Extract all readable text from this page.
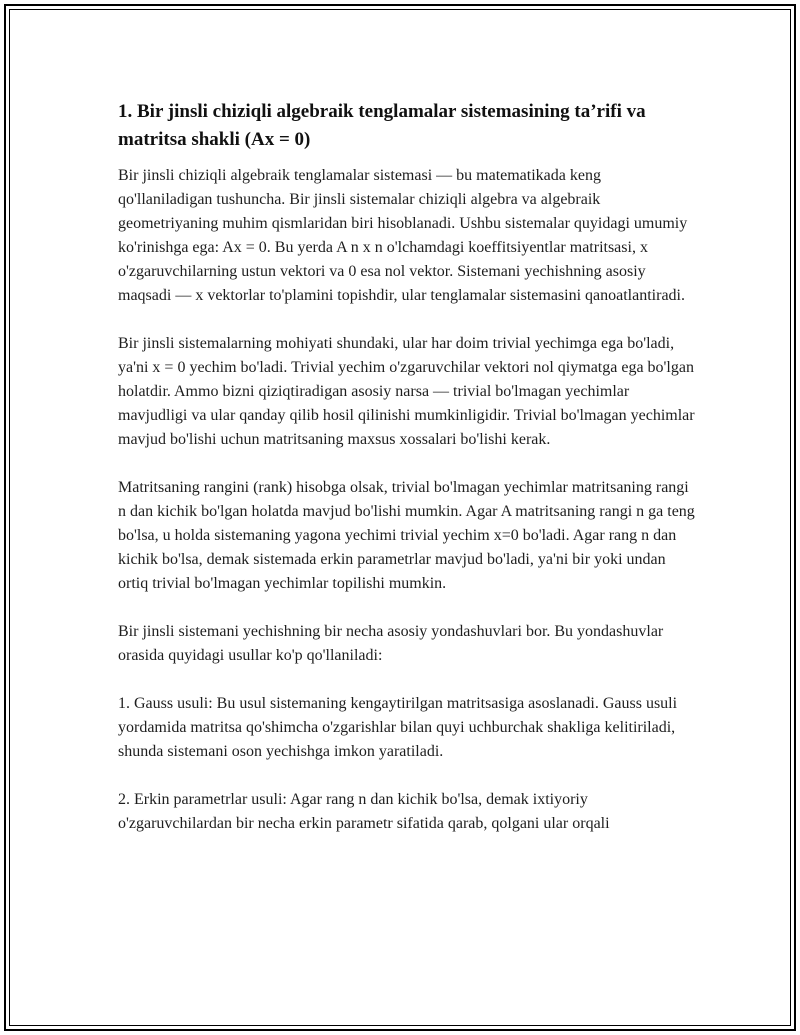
1. Bir jinsli chiziqli algebraik tenglamalar sistemasining ta’rifi va matritsa shakli (Ax = 0)

Bir jinsli chiziqli algebraik tenglamalar sistemasi — bu matematikada keng qo'llaniladigan tushuncha. Bir jinsli sistemalar chiziqli algebra va algebraik geometriyaning muhim qismlaridan biri hisoblanadi. Ushbu sistemalar quyidagi umumiy ko'rinishga ega: Ax = 0. Bu yerda A n x n o'lchamdagi koeffitsiyentlar matritsasi, x o'zgaruvchilarning ustun vektori va 0 esa nol vektor. Sistemani yechishning asosiy maqsadi — x vektorlar to'plamini topishdir, ular tenglamalar sistemasini qanoatlantiradi.

Bir jinsli sistemalarning mohiyati shundaki, ular har doim trivial yechimga ega bo'ladi, ya'ni x = 0 yechim bo'ladi. Trivial yechim o'zgaruvchilar vektori nol qiymatga ega bo'lgan holatdir. Ammo bizni qiziqtiradigan asosiy narsa — trivial bo'lmagan yechimlar mavjudligi va ular qanday qilib hosil qilinishi mumkinligidir. Trivial bo'lmagan yechimlar mavjud bo'lishi uchun matritsaning maxsus xossalari bo'lishi kerak.

Matritsaning rangini (rank) hisobga olsak, trivial bo'lmagan yechimlar matritsaning rangi n dan kichik bo'lgan holatda mavjud bo'lishi mumkin. Agar A matritsaning rangi n ga teng bo'lsa, u holda sistemaning yagona yechimi trivial yechim x=0 bo'ladi. Agar rang n dan kichik bo'lsa, demak sistemada erkin parametrlar mavjud bo'ladi, ya'ni bir yoki undan ortiq trivial bo'lmagan yechimlar topilishi mumkin.

Bir jinsli sistemani yechishning bir necha asosiy yondashuvlari bor. Bu yondashuvlar orasida quyidagi usullar ko'p qo'llaniladi:

1. Gauss usuli: Bu usul sistemaning kengaytirilgan matritsasiga asoslanadi. Gauss usuli yordamida matritsa qo'shimcha o'zgarishlar bilan quyi uchburchak shakliga kelitiriladi, shunda sistemani oson yechishga imkon yaratiladi.

2. Erkin parametrlar usuli: Agar rang n dan kichik bo'lsa, demak ixtiyoriy o'zgaruvchilardan bir necha erkin parametr sifatida qarab, qolgani ular orqali
